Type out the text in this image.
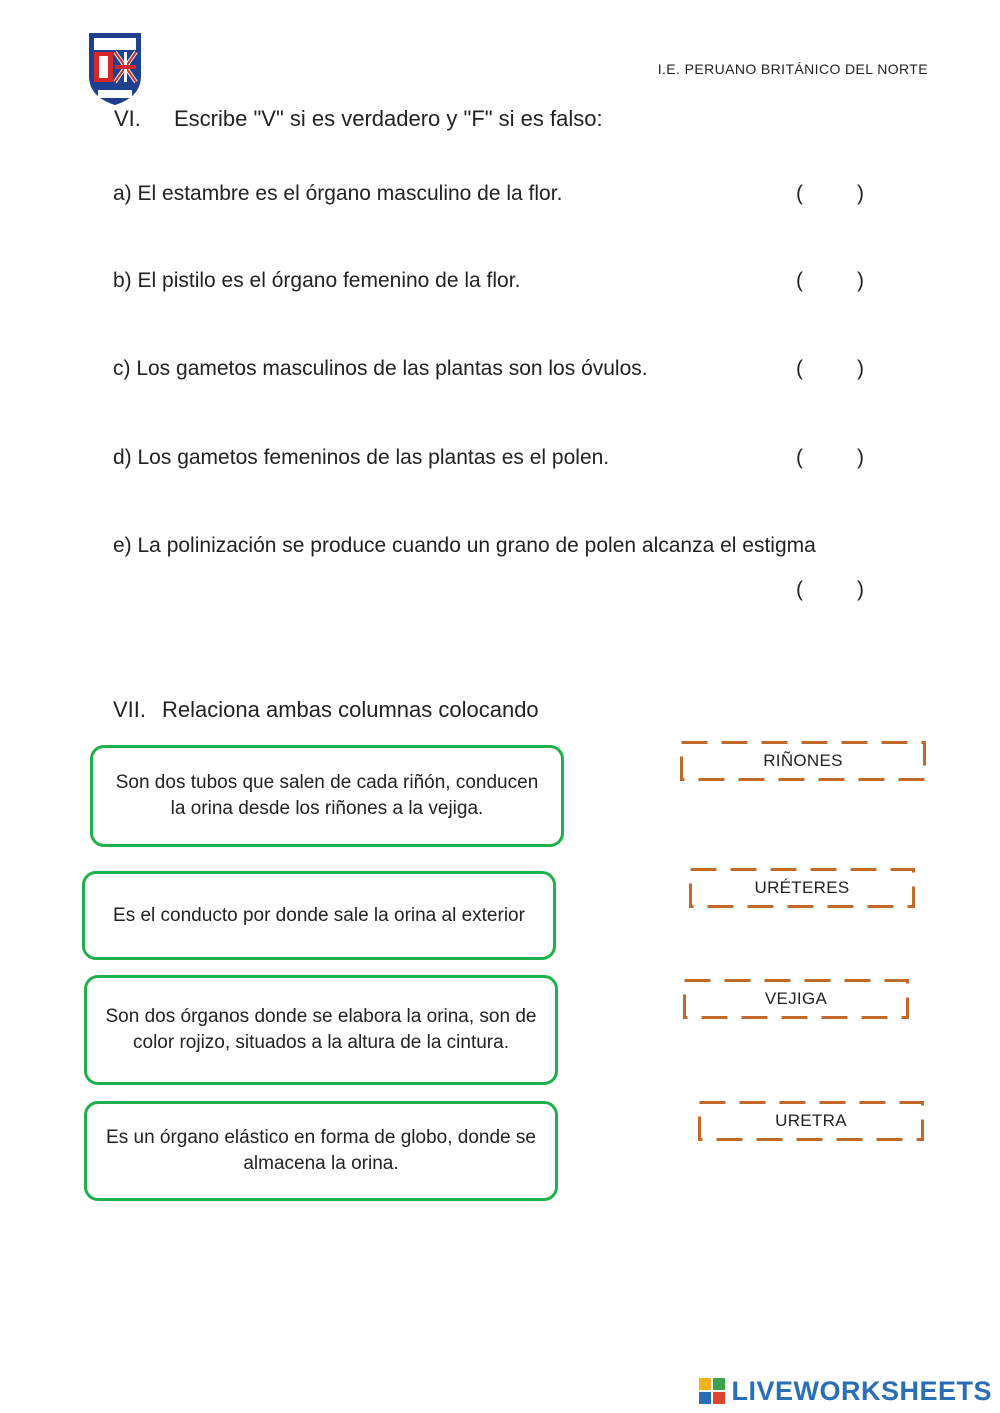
I.E. PERUANO BRITÁNICO DEL NORTE
VI. Escribe "V" si es verdadero y "F" si es falso:
a) El estambre es el órgano masculino de la flor.	(	)
b) El pistilo es el órgano femenino de la flor.	(	)
c) Los gametos masculinos de las plantas son los óvulos.	(	)
d) Los gametos femeninos de las plantas es el polen.	(	)
e) La polinización se produce cuando un grano de polen alcanza el estigma
(	)
VII. Relaciona ambas columnas colocando
Son dos tubos que salen de cada riñón, conducen la orina desde los riñones a la vejiga.
Es el conducto por donde sale la orina al exterior
Son dos órganos donde se elabora la orina, son de color rojizo, situados a la altura de la cintura.
Es un órgano elástico en forma de globo, donde se almacena la orina.
RIÑONES
URÉTERES
VEJIGA
URETRA
LIVEWORKSHEETS
